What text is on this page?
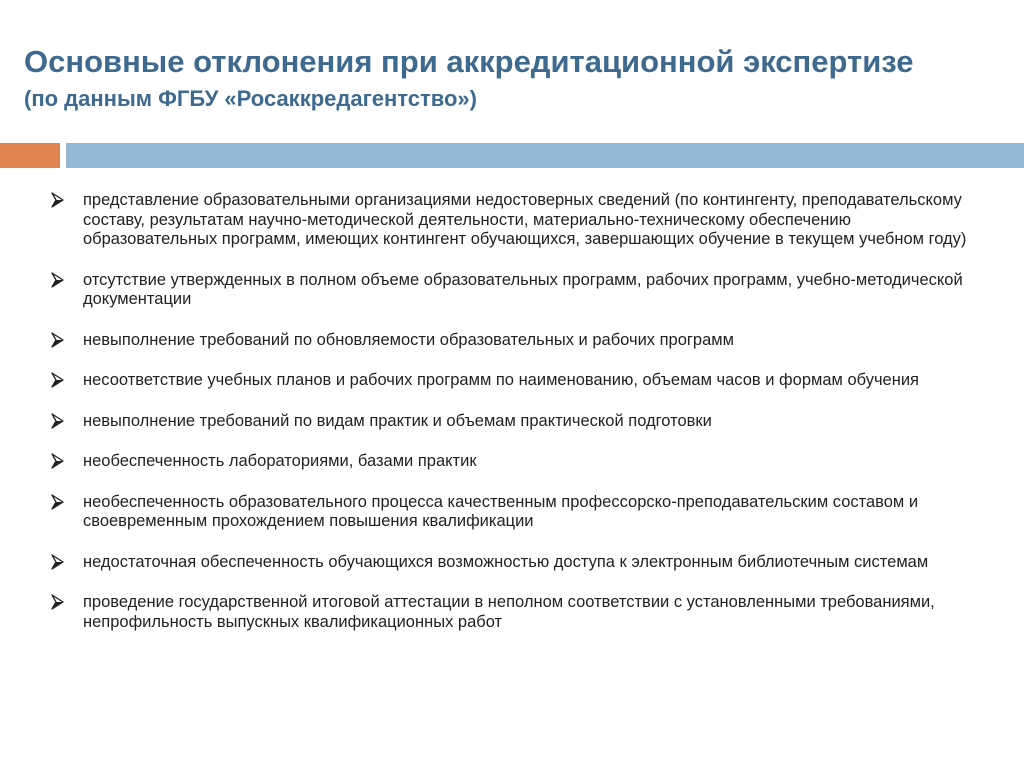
Основные отклонения при аккредитационной экспертизе
(по данным ФГБУ «Росаккредагентство»)
представление образовательными организациями недостоверных сведений (по контингенту, преподавательскому составу, результатам научно-методической деятельности, материально-техническому обеспечению образовательных программ, имеющих контингент обучающихся, завершающих обучение в текущем учебном году)
отсутствие утвержденных в полном объеме образовательных программ, рабочих программ, учебно-методической документации
невыполнение требований по обновляемости образовательных и рабочих программ
несоответствие учебных планов и рабочих программ по наименованию, объемам часов и формам обучения
невыполнение требований по видам практик и объемам практической подготовки
необеспеченность лабораториями, базами практик
необеспеченность образовательного процесса качественным профессорско-преподавательским составом и своевременным прохождением повышения квалификации
недостаточная обеспеченность обучающихся возможностью доступа к электронным библиотечным системам
проведение государственной итоговой аттестации в неполном соответствии с установленными требованиями, непрофильность выпускных квалификационных работ
